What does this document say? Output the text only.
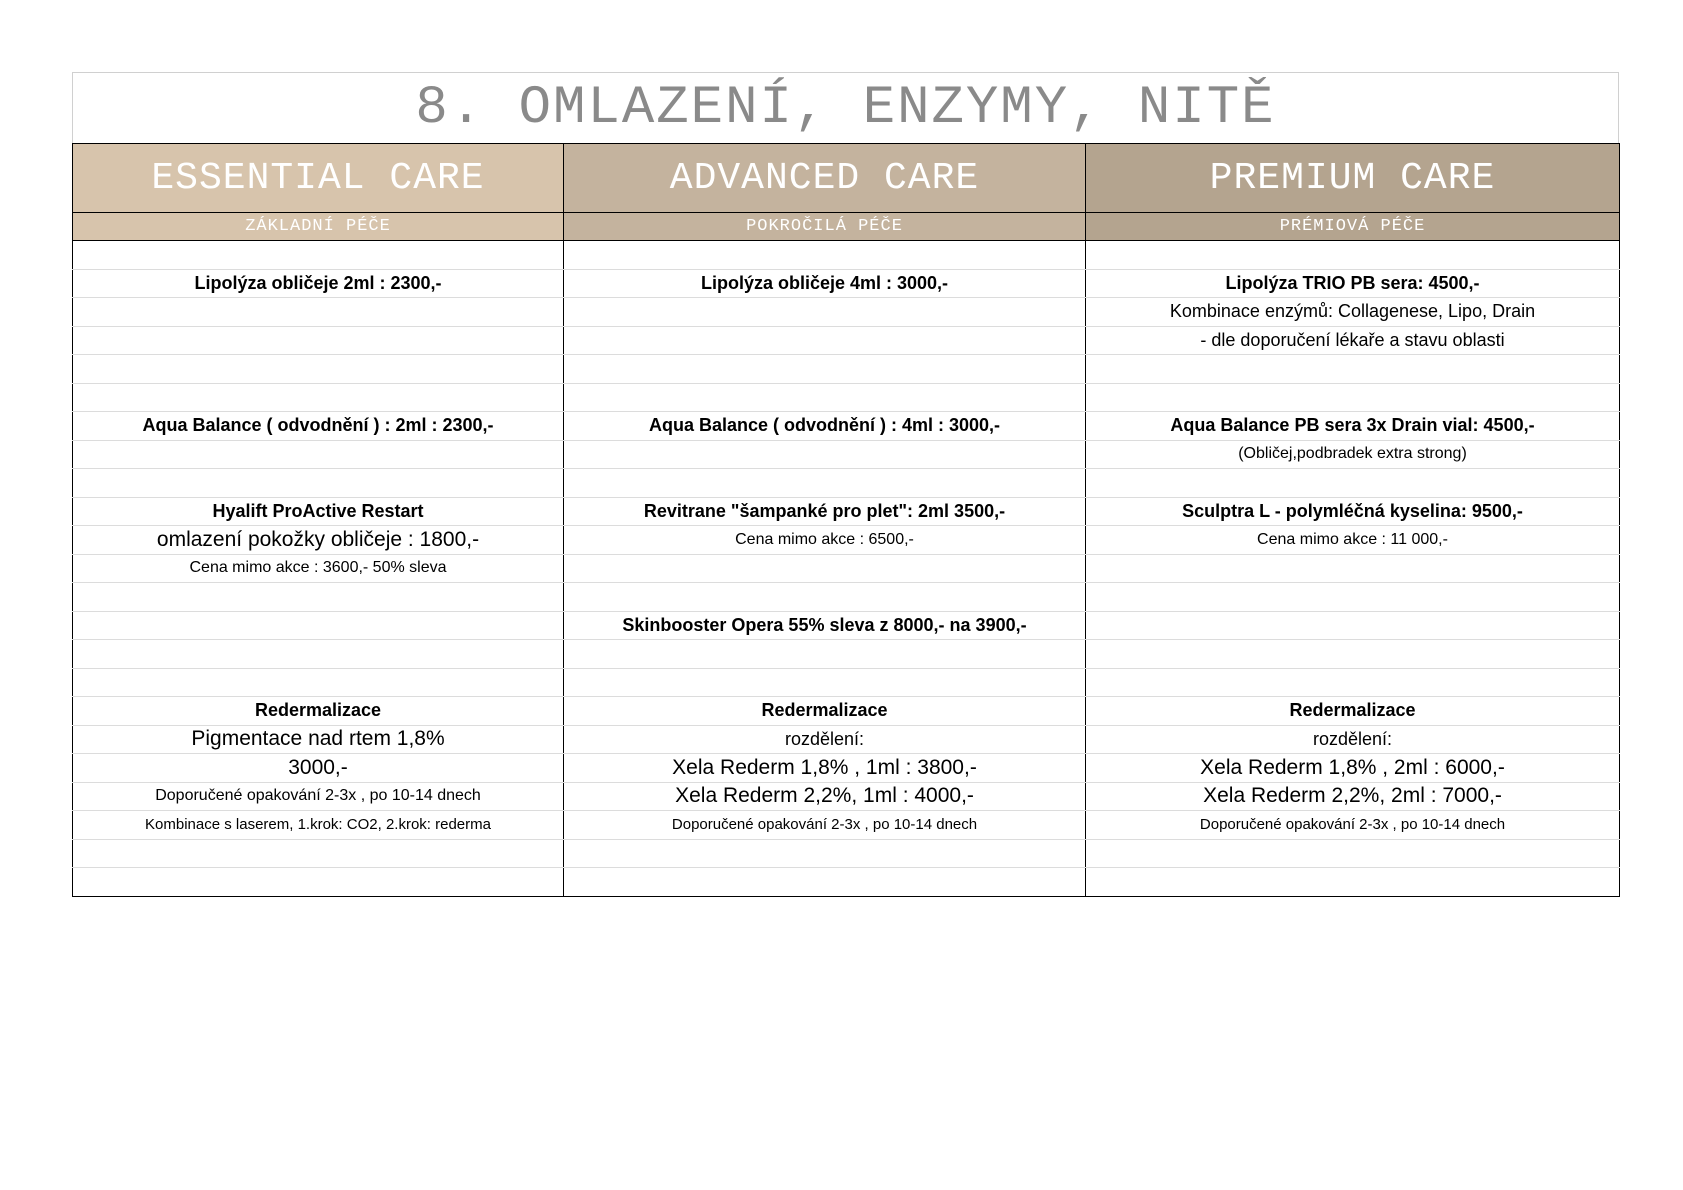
8. OMLAZENÍ, ENZYMY, NITĚ
ESSENTIAL CARE	ADVANCED CARE	PREMIUM CARE
ZÁKLADNÍ PÉČE	POKROČILÁ PÉČE	PRÉMIOVÁ PÉČE

Lipolýza obličeje 2ml : 2300,-	Lipolýza obličeje 4ml : 3000,-	Lipolýza TRIO PB sera: 4500,-
		Kombinace enzýmů: Collagenese, Lipo, Drain
		- dle doporučení lékaře a stavu oblasti

Aqua Balance ( odvodnění ) : 2ml : 2300,-	Aqua Balance ( odvodnění ) : 4ml : 3000,-	Aqua Balance PB sera 3x Drain vial: 4500,-
		(Obličej,podbradek extra strong)

Hyalift ProActive Restart	Revitrane "šampanké pro plet": 2ml 3500,-	Sculptra L - polymléčná kyselina: 9500,-
omlazení pokožky obličeje : 1800,-	Cena mimo akce : 6500,-	Cena mimo akce : 11 000,-
Cena mimo akce : 3600,- 50% sleva		

	Skinbooster Opera 55% sleva z 8000,- na 3900,-	

Redermalizace	Redermalizace	Redermalizace
Pigmentace nad rtem 1,8%	rozdělení:	rozdělení:
3000,-	Xela Rederm 1,8% , 1ml : 3800,-	Xela Rederm 1,8% , 2ml : 6000,-
Doporučené opakování 2-3x , po 10-14 dnech	Xela Rederm 2,2%, 1ml : 4000,-	Xela Rederm 2,2%, 2ml : 7000,-
Kombinace s laserem, 1.krok: CO2, 2.krok: rederma	Doporučené opakování 2-3x , po 10-14 dnech	Doporučené opakování 2-3x , po 10-14 dnech
